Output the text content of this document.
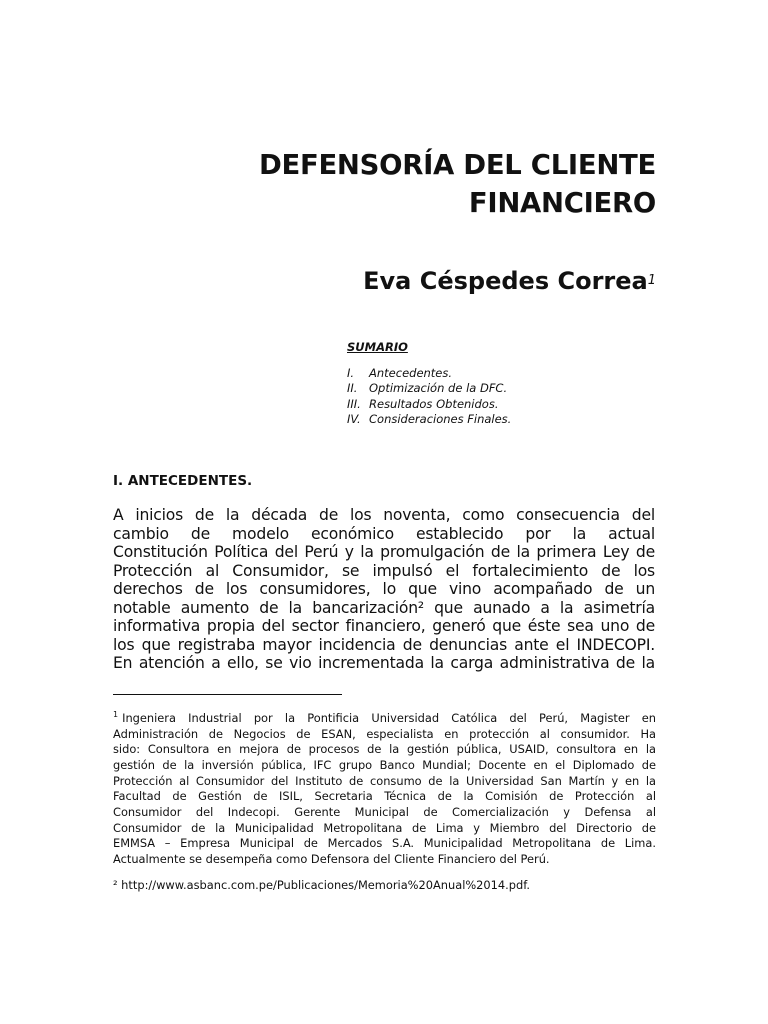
DEFENSORÍA DEL CLIENTE
FINANCIERO
Eva Céspedes Correa$^1$
SUMARIO
I.	Antecedentes.
II.	Optimización de la DFC.
III. Resultados Obtenidos.
IV. Consideraciones Finales.
I. ANTECEDENTES.
A inicios de la década de los noventa, como consecuencia del
cambio de modelo económico establecido por la actual
Constitución Política del Perú y la promulgación de la primera Ley de
Protección al Consumidor, se impulsó el fortalecimiento de los
derechos de los consumidores, lo que vino acompañado de un
notable aumento de la bancarización² que aunado a la asimetría
informativa propia del sector financiero, generó que éste sea uno de
los que registraba mayor incidencia de denuncias ante el INDECOPI.
En atención a ello, se vio incrementada la carga administrativa de la
$^1$ Ingeniera Industrial por la Pontificia Universidad Católica del Perú, Magister en
Administración de Negocios de ESAN, especialista en protección al consumidor. Ha
sido: Consultora en mejora de procesos de la gestión pública, USAID, consultora en la
gestión de la inversión pública, IFC grupo Banco Mundial; Docente en el Diplomado de
Protección al Consumidor del Instituto de consumo de la Universidad San Martín y en la
Facultad de Gestión de ISIL, Secretaria Técnica de la Comisión de Protección al
Consumidor del Indecopi. Gerente Municipal de Comercialización y Defensa al
Consumidor de la Municipalidad Metropolitana de Lima y Miembro del Directorio de
EMMSA – Empresa Municipal de Mercados S.A. Municipalidad Metropolitana de Lima.
Actualmente se desempeña como Defensora del Cliente Financiero del Perú.
² http://www.asbanc.com.pe/Publicaciones/Memoria%20Anual%2014.pdf.
